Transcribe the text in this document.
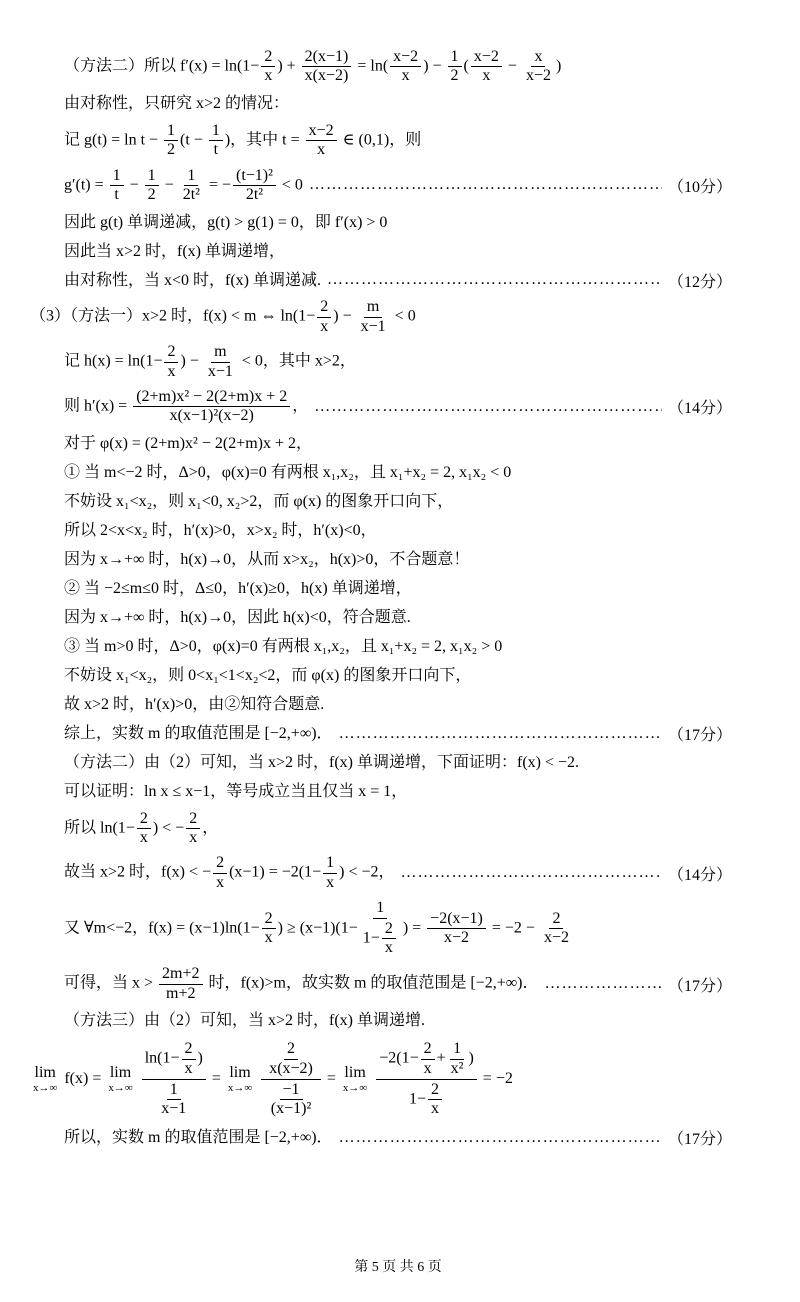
（方法二）所以 $f'(x) = \ln(1- \frac{2}{x}$ ) + $\frac{2(x-1)}{x(x-2)} = \ln( \frac{x-2}{x}$ ) − $\frac{1}{2}$ ( $\frac{x-2}{x} - \frac{x}{x-2}$ )
由对称性，只研究 x>2 的情况：
记 $g(t) = \ln t - \frac{1}{2} (t - \frac{1}{t}$ )，其中 $t = \frac{x-2}{x}$ ∈ (0,1)，则
$g'(t) = \frac{1}{t} - \frac{1}{2} - \frac{1}{\text{2t²}}$ = − $\frac{\text{(t−1)²}}{\text{2t²}} < 0$ ………………………………………………………………………………………………………………………………	（10分）
因此 g(t) 单调递减，g(t) > g(1) = 0，即 f′(x) > 0
因此当 x>2 时，f(x) 单调递增，
由对称性，当 x<0 时，f(x) 单调递减. ………………………………………………………………………………………………………………………………	（12分）
（3）（方法一）x>2 时，f(x) < m ⇔ $\ln(1- \frac{2}{x}$ ) − $\frac{m}{x-1} < 0$
记 $h(x) = \ln(1- \frac{2}{x}$ ) − $\frac{m}{x-1} < 0$，其中 x>2，
则 $h'(x) = \frac{\text{(2+m)x² − 2(2+m)x + 2}}{\text{x(x−1)²(x−2)}}$ ， ………………………………………………………………………………………………………………………………	（14分）
对于 φ(x) = (2+m)x² − 2(2+m)x + 2，
① 当 m<−2 时，Δ>0，φ(x)=0 有两根 x₁,x₂，且 x₁+x₂ = 2, x₁x₂ < 0
不妨设 x₁<x₂，则 x₁<0, x₂>2，而 φ(x) 的图象开口向下，
所以 2<x<x₂ 时，h′(x)>0，x>x₂ 时，h′(x)<0，
因为 x→+∞ 时，h(x)→0，从而 x>x₂，h(x)>0，不合题意！
② 当 −2≤m≤0 时，Δ≤0，h′(x)≥0，h(x) 单调递增，
因为 x→+∞ 时，h(x)→0，因此 h(x)<0，符合题意.
③ 当 m>0 时，Δ>0，φ(x)=0 有两根 x₁,x₂，且 x₁+x₂ = 2, x₁x₂ > 0
不妨设 x₁<x₂，则 0<x₁<1<x₂<2，而 φ(x) 的图象开口向下，
故 x>2 时，h′(x)>0，由②知符合题意.
综上，实数 m 的取值范围是 [−2,+∞)． ………………………………………………………………………………………………………………………………	（17分）
（方法二）由（2）可知，当 x>2 时，f(x) 单调递增，下面证明：f(x) < −2.
可以证明：ln x ≤ x−1，等号成立当且仅当 x = 1，
所以 $\ln(1- \frac{2}{x}$ ) < − $\frac{2}{x}$ ，
故当 x>2 时，f(x) < − $\frac{2}{x} (x-1) = -2(1- \frac{1}{x}$ ) < −2， ………………………………………………………………………………………………………………………………	（14分）
又 ∀m<−2，$f(x) = (x-1)\ln(1- \frac{2}{x}$ ) ≥ $(x-1)(1- \frac{1}{1- \frac{2}{x}}$ ) = $\frac{-2(x-1)}{x-2} = -2 - \frac{2}{x-2}$
可得，当 $x > \frac{2m+2}{m+2}$ 时，f(x)>m，故实数 m 的取值范围是 [−2,+∞)． ………………………………………………………………………………………………………………………………	（17分）
（方法三）由（2）可知，当 x>2 时，f(x) 单调递增.
lim
x→∞
f(x) = lim
x→∞
$\frac{\ln(1- \frac{2}{x} )}{\frac{1}{x-1}} = \lim$
x→∞
$\frac{\frac{2}{x(x-2)}}{\frac{-1}{\text{(x−1)²}}} = \lim$
x→∞
$\frac{-2(1- \frac{2}{x} + \frac{1}{\text{x²}} )}{1- \frac{2}{x}} = -2$
所以，实数 m 的取值范围是 [−2,+∞)． ………………………………………………………………………………………………………………………………	（17分）
第 5 页 共 6 页
